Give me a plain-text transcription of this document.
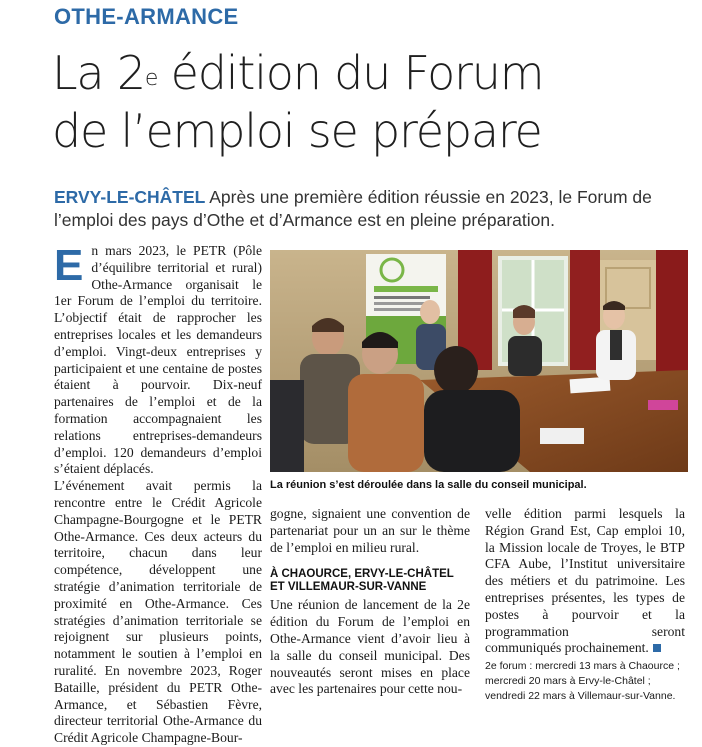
OTHE-ARMANCE
La 2e édition du Forum
de l’emploi se prépare
ERVY-LE-CHÂTEL Après une première édition réussie en 2023, le Forum de l’emploi des pays d’Othe et d’Armance est en pleine préparation.

En mars 2023, le PETR (Pôle d’équilibre territorial et rural) Othe-Armance organisait le 1er Forum de l’emploi du territoire. L’objectif était de rapprocher les entreprises locales et les demandeurs d’emploi. Vingt-deux entreprises y participaient et une centaine de postes étaient à pourvoir. Dix-neuf partenaires de l’emploi et de la formation accompagnaient les relations entreprises-demandeurs d’emploi. 120 demandeurs d’emploi s’étaient déplacés.

L’événement avait permis la rencontre entre le Crédit Agricole Champagne-Bourgogne et le PETR Othe-Armance. Ces deux acteurs du territoire, chacun dans leur compétence, développent une stratégie d’animation territoriale de proximité en Othe-Armance. Ces stratégies d’animation territoriale se rejoignent sur plusieurs points, notamment le soutien à l’emploi en ruralité. En novembre 2023, Roger Bataille, président du PETR Othe-Armance, et Sébastien Fèvre, directeur territorial Othe-Armance du Crédit Agricole Champagne-Bour-

La réunion s’est déroulée dans la salle du conseil municipal.

gogne, signaient une convention de partenariat pour un an sur le thème de l’emploi en milieu rural.

À CHAOURCE, ERVY-LE-CHÂTEL
ET VILLEMAUR-SUR-VANNE

Une réunion de lancement de la 2e édition du Forum de l’emploi en Othe-Armance vient d’avoir lieu à la salle du conseil municipal. Des nouveautés seront mises en place avec les partenaires pour cette nou-

velle édition parmi lesquels la Région Grand Est, Cap emploi 10, la Mission locale de Troyes, le BTP CFA Aube, l’Institut universitaire des métiers et du patrimoine. Les entreprises présentes, les types de postes à pourvoir et la programmation seront communiqués prochainement.

2e forum : mercredi 13 mars à Chaource ; mercredi 20 mars à Ervy-le-Châtel ; vendredi 22 mars à Villemaur-sur-Vanne.
